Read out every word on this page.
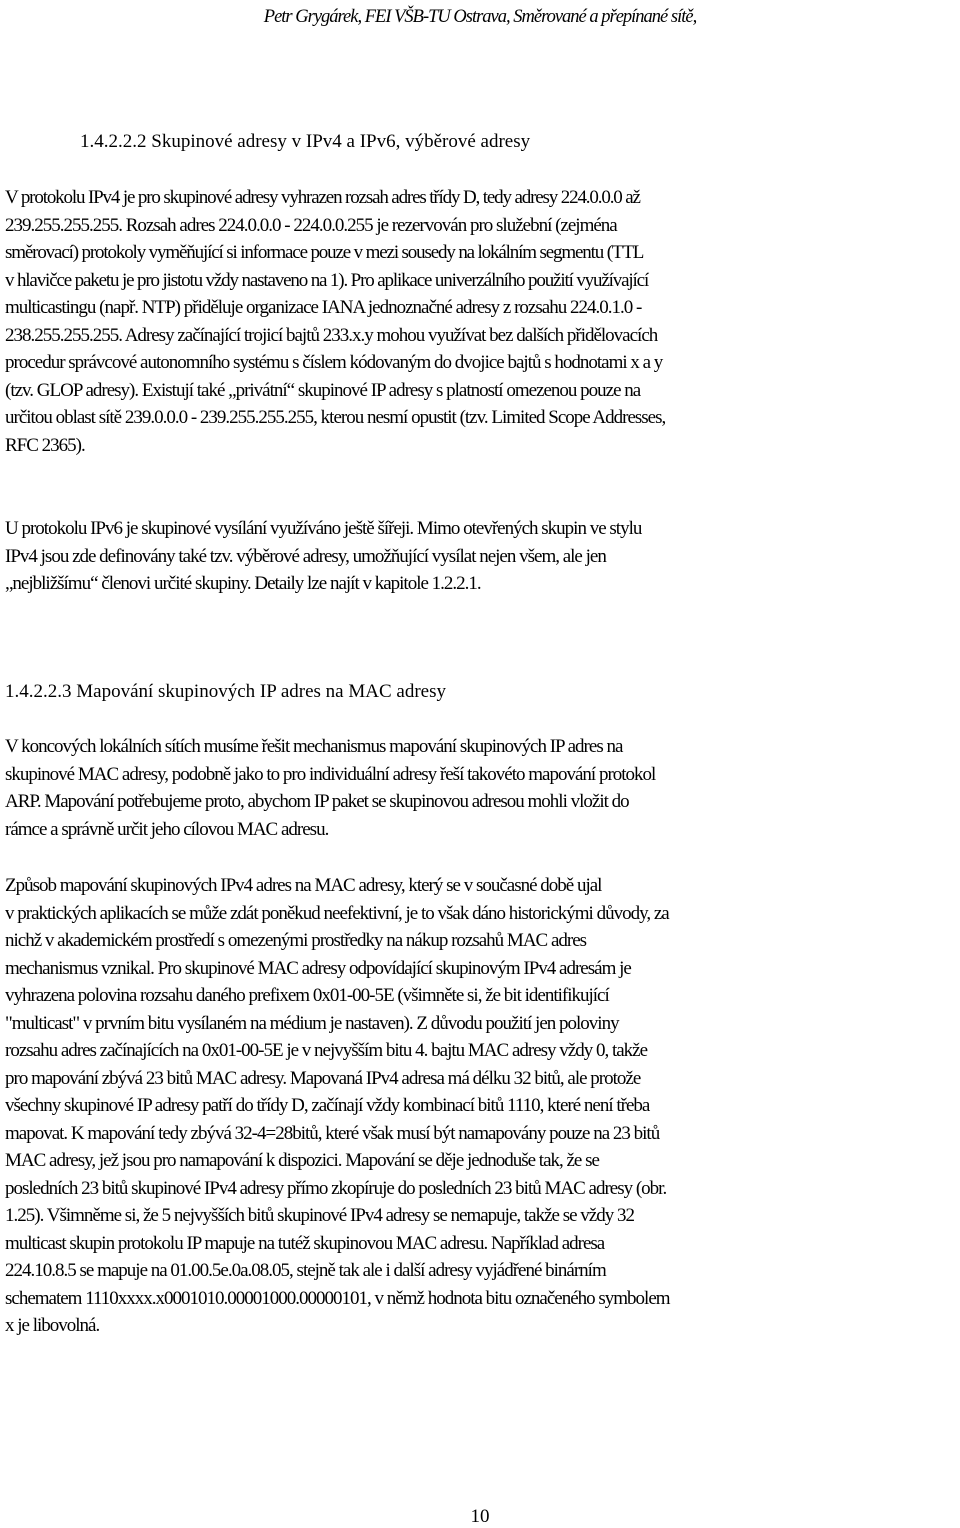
Petr Grygárek, FEI VŠB-TU Ostrava, Směrované a přepínané sítě,
1.4.2.2.2 Skupinové adresy v IPv4 a IPv6, výběrové adresy
V protokolu IPv4 je pro skupinové adresy vyhrazen rozsah adres třídy D, tedy adresy 224.0.0.0 až
239.255.255.255. Rozsah adres 224.0.0.0 - 224.0.0.255 je rezervován pro služební (zejména
směrovací) protokoly vyměňující si informace pouze v mezi sousedy na lokálním segmentu (TTL
v hlavičce paketu je pro jistotu vždy nastaveno na 1). Pro aplikace univerzálního použití využívající
multicastingu (např. NTP) přiděluje organizace IANA jednoznačné adresy z rozsahu 224.0.1.0 -
238.255.255.255. Adresy začínající trojicí bajtů 233.x.y mohou využívat bez dalších přidělovacích
procedur správcové autonomního systému s číslem kódovaným do dvojice bajtů s hodnotami x a y
(tzv. GLOP adresy). Existují také „privátní“ skupinové IP adresy s platností omezenou pouze na
určitou oblast sítě 239.0.0.0 - 239.255.255.255, kterou nesmí opustit (tzv. Limited Scope Addresses,
RFC 2365).
U protokolu IPv6 je skupinové vysílání využíváno ještě šířeji. Mimo otevřených skupin ve stylu
IPv4 jsou zde definovány také tzv. výběrové adresy, umožňující vysílat nejen všem, ale jen
„nejbližšímu“ členovi určité skupiny. Detaily lze najít v kapitole 1.2.2.1.
1.4.2.2.3 Mapování skupinových IP adres na MAC adresy
V koncových lokálních sítích musíme řešit mechanismus mapování skupinových IP adres na
skupinové MAC adresy, podobně jako to pro individuální adresy řeší takovéto mapování protokol
ARP. Mapování potřebujeme proto, abychom IP paket se skupinovou adresou mohli vložit do
rámce a správně určit jeho cílovou MAC adresu.
Způsob mapování skupinových IPv4 adres na MAC adresy, který se v současné době ujal
v praktických aplikacích se může zdát poněkud neefektivní, je to však dáno historickými důvody, za
nichž v akademickém prostředí s omezenými prostředky na nákup rozsahů MAC adres
mechanismus vznikal. Pro skupinové MAC adresy odpovídající skupinovým IPv4 adresám je
vyhrazena polovina rozsahu daného prefixem 0x01-00-5E (všimněte si, že bit identifikující
"multicast" v prvním bitu vysílaném na médium je nastaven). Z důvodu použití jen poloviny
rozsahu adres začínajících na 0x01-00-5E je v nejvyšším bitu 4. bajtu MAC adresy vždy 0, takže
pro mapování zbývá 23 bitů MAC adresy. Mapovaná IPv4 adresa má délku 32 bitů, ale protože
všechny skupinové IP adresy patří do třídy D, začínají vždy kombinací bitů 1110, které není třeba
mapovat. K mapování tedy zbývá 32-4=28bitů, které však musí být namapovány pouze na 23 bitů
MAC adresy, jež jsou pro namapování k dispozici. Mapování se děje jednoduše tak, že se
posledních 23 bitů skupinové IPv4 adresy přímo zkopíruje do posledních 23 bitů MAC adresy (obr.
1.25). Všimněme si, že 5 nejvyšších bitů skupinové IPv4 adresy se nemapuje, takže se vždy 32
multicast skupin protokolu IP mapuje na tutéž skupinovou MAC adresu. Například adresa
224.10.8.5 se mapuje na 01.00.5e.0a.08.05, stejně tak ale i další adresy vyjádřené binárním
schematem 1110xxxx.x0001010.00001000.00000101, v němž hodnota bitu označeného symbolem
x je libovolná.
10
